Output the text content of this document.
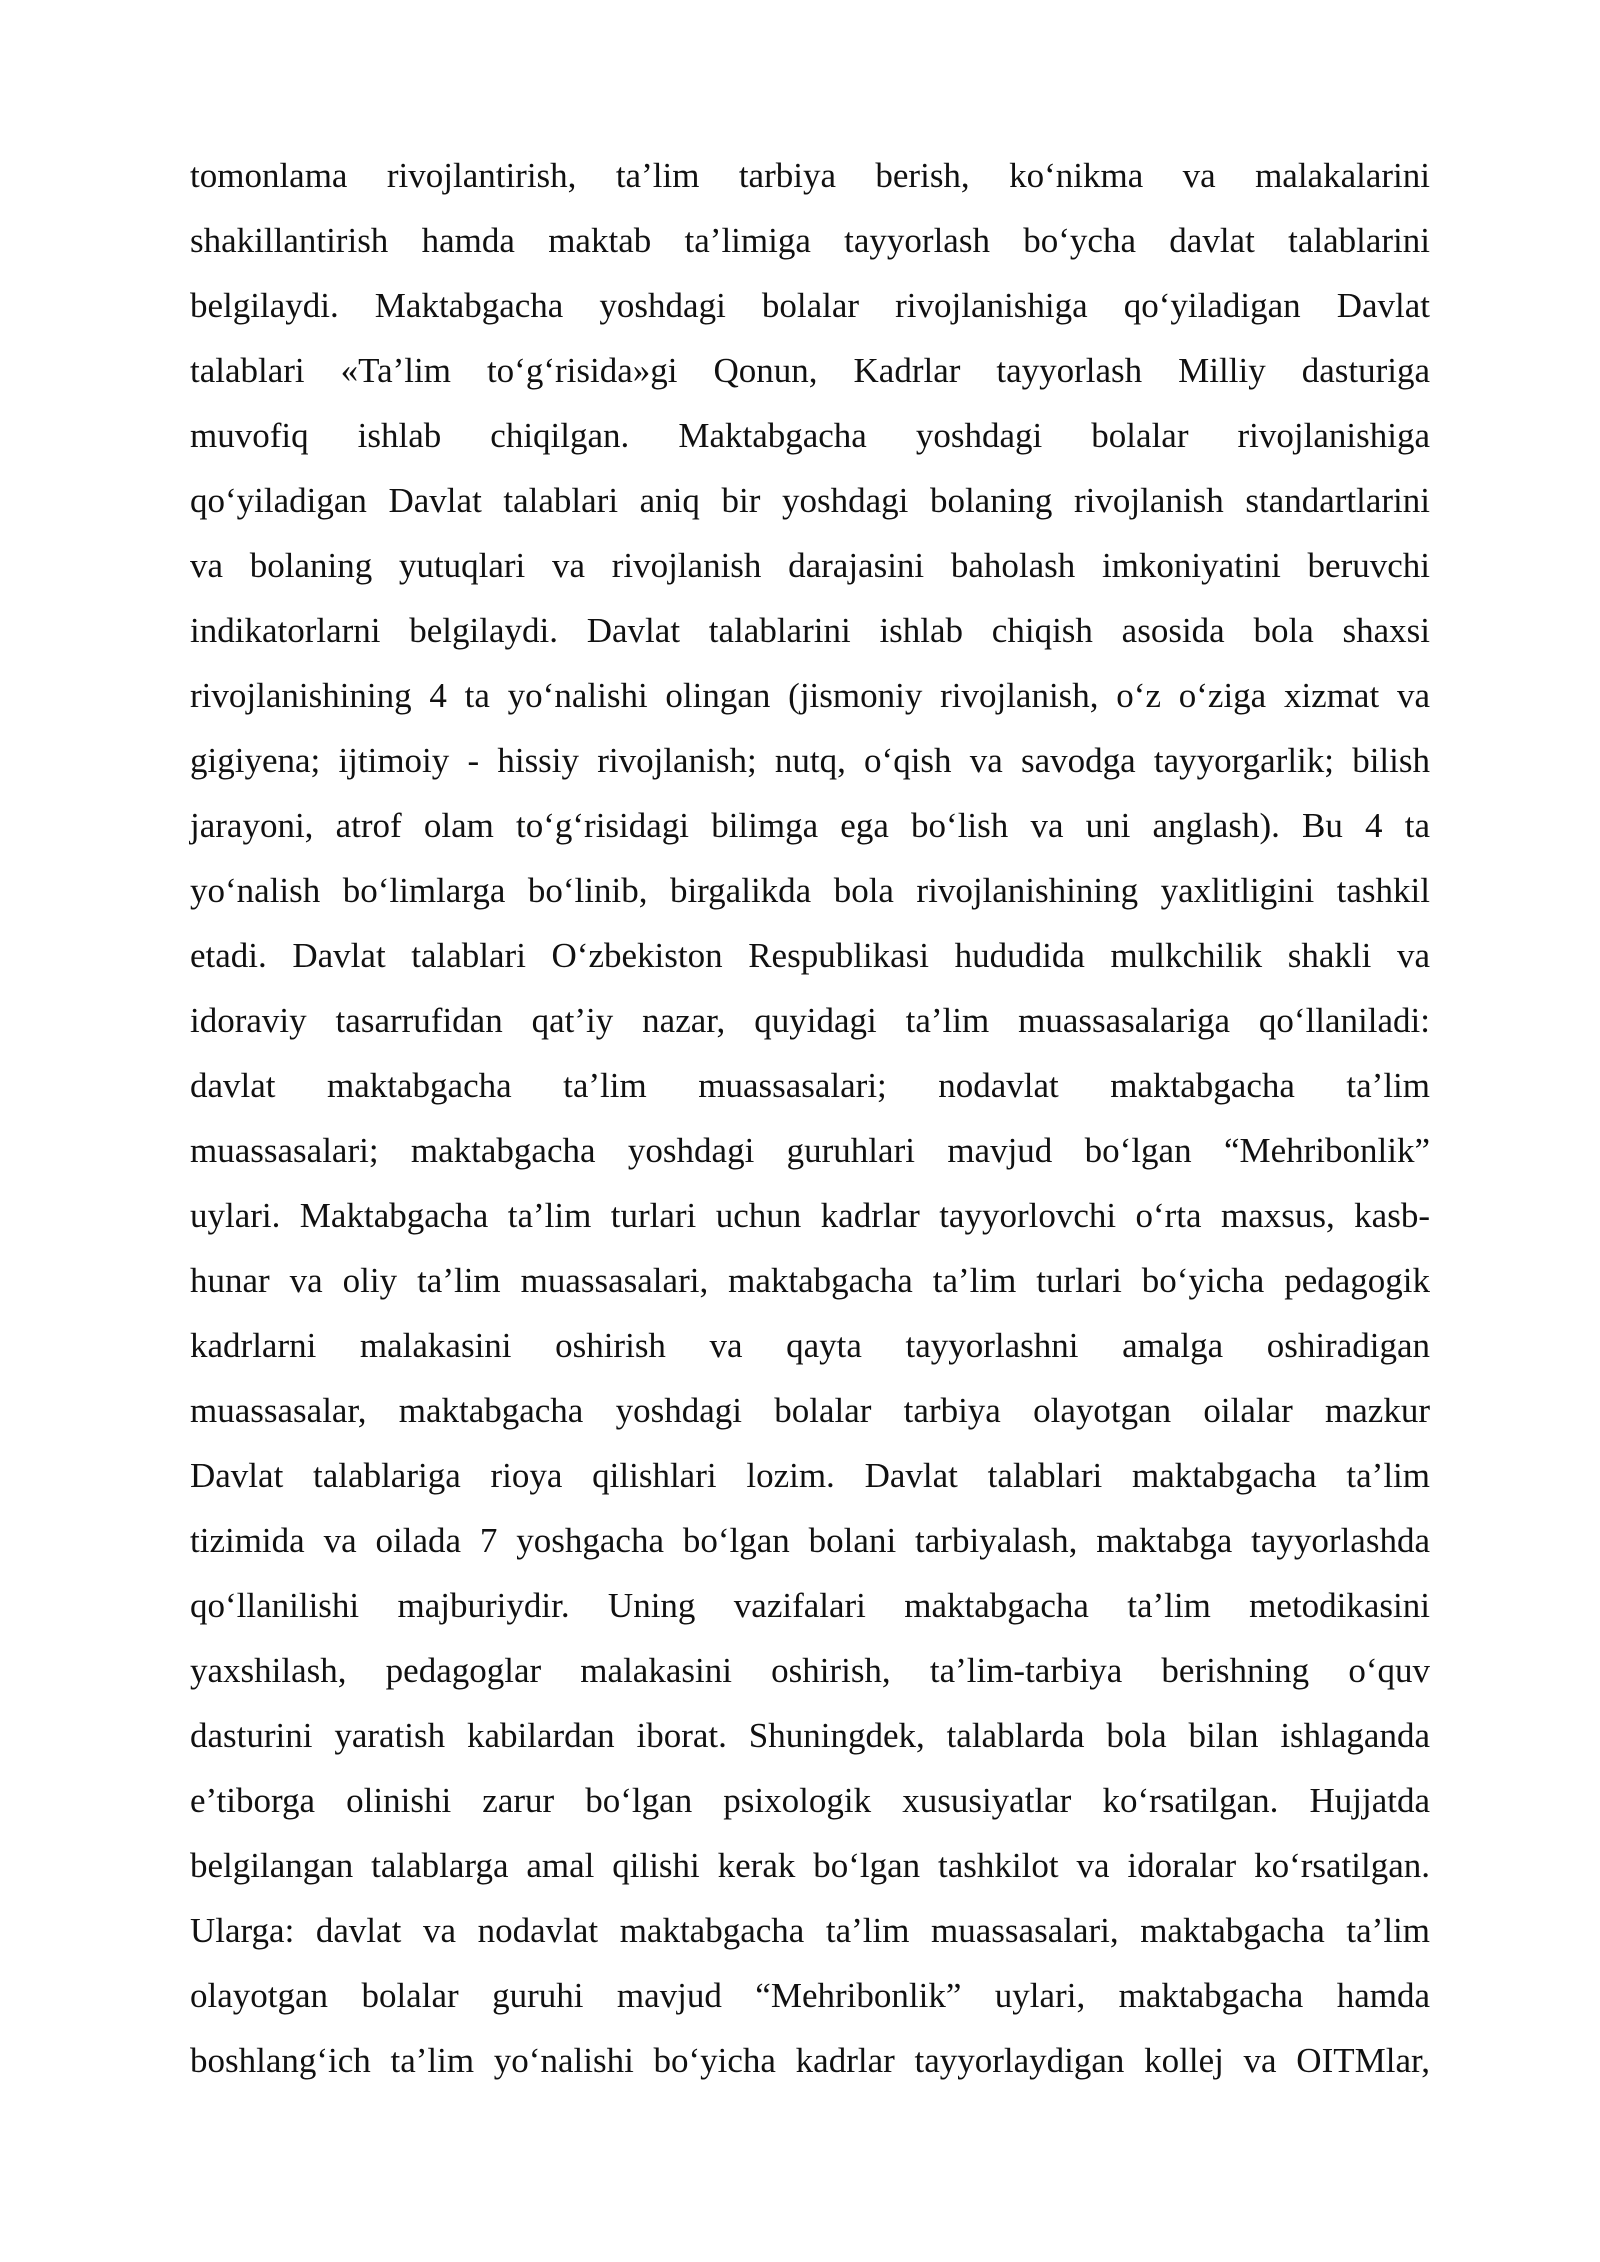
tomonlama rivojlantirish, ta’lim tarbiya berish, ko‘nikma va malakalarini
shakillantirish hamda maktab ta’limiga tayyorlash bo‘ycha davlat talablarini
belgilaydi. Maktabgacha yoshdagi bolalar rivojlanishiga qo‘yiladigan Davlat
talablari «Ta’lim to‘g‘risida»gi Qonun, Kadrlar tayyorlash Milliy dasturiga
muvofiq ishlab chiqilgan. Maktabgacha yoshdagi bolalar rivojlanishiga
qo‘yiladigan Davlat talablari aniq bir yoshdagi bolaning rivojlanish standartlarini
va bolaning yutuqlari va rivojlanish darajasini baholash imkoniyatini beruvchi
indikatorlarni belgilaydi. Davlat talablarini ishlab chiqish asosida bola shaxsi
rivojlanishining 4 ta yo‘nalishi olingan (jismoniy rivojlanish, o‘z o‘ziga xizmat va
gigiyena; ijtimoiy - hissiy rivojlanish; nutq, o‘qish va savodga tayyorgarlik; bilish
jarayoni, atrof olam to‘g‘risidagi bilimga ega bo‘lish va uni anglash). Bu 4 ta
yo‘nalish bo‘limlarga bo‘linib, birgalikda bola rivojlanishining yaxlitligini tashkil
etadi. Davlat talablari O‘zbekiston Respublikasi hududida mulkchilik shakli va
idoraviy tasarrufidan qat’iy nazar, quyidagi ta’lim muassasalariga qo‘llaniladi:
davlat maktabgacha ta’lim muassasalari; nodavlat maktabgacha ta’lim
muassasalari; maktabgacha yoshdagi guruhlari mavjud bo‘lgan “Mehribonlik”
uylari. Maktabgacha ta’lim turlari uchun kadrlar tayyorlovchi o‘rta maxsus, kasb-
hunar va oliy ta’lim muassasalari, maktabgacha ta’lim turlari bo‘yicha pedagogik
kadrlarni malakasini oshirish va qayta tayyorlashni amalga oshiradigan
muassasalar, maktabgacha yoshdagi bolalar tarbiya olayotgan oilalar mazkur
Davlat talablariga rioya qilishlari lozim. Davlat talablari maktabgacha ta’lim
tizimida va oilada 7 yoshgacha bo‘lgan bolani tarbiyalash, maktabga tayyorlashda
qo‘llanilishi majburiydir. Uning vazifalari maktabgacha ta’lim metodikasini
yaxshilash, pedagoglar malakasini oshirish, ta’lim-tarbiya berishning o‘quv
dasturini yaratish kabilardan iborat. Shuningdek, talablarda bola bilan ishlaganda
e’tiborga olinishi zarur bo‘lgan psixologik xususiyatlar ko‘rsatilgan. Hujjatda
belgilangan talablarga amal qilishi kerak bo‘lgan tashkilot va idoralar ko‘rsatilgan.
Ularga: davlat va nodavlat maktabgacha ta’lim muassasalari, maktabgacha ta’lim
olayotgan bolalar guruhi mavjud “Mehribonlik” uylari, maktabgacha hamda
boshlang‘ich ta’lim yo‘nalishi bo‘yicha kadrlar tayyorlaydigan kollej va OITMlar,
